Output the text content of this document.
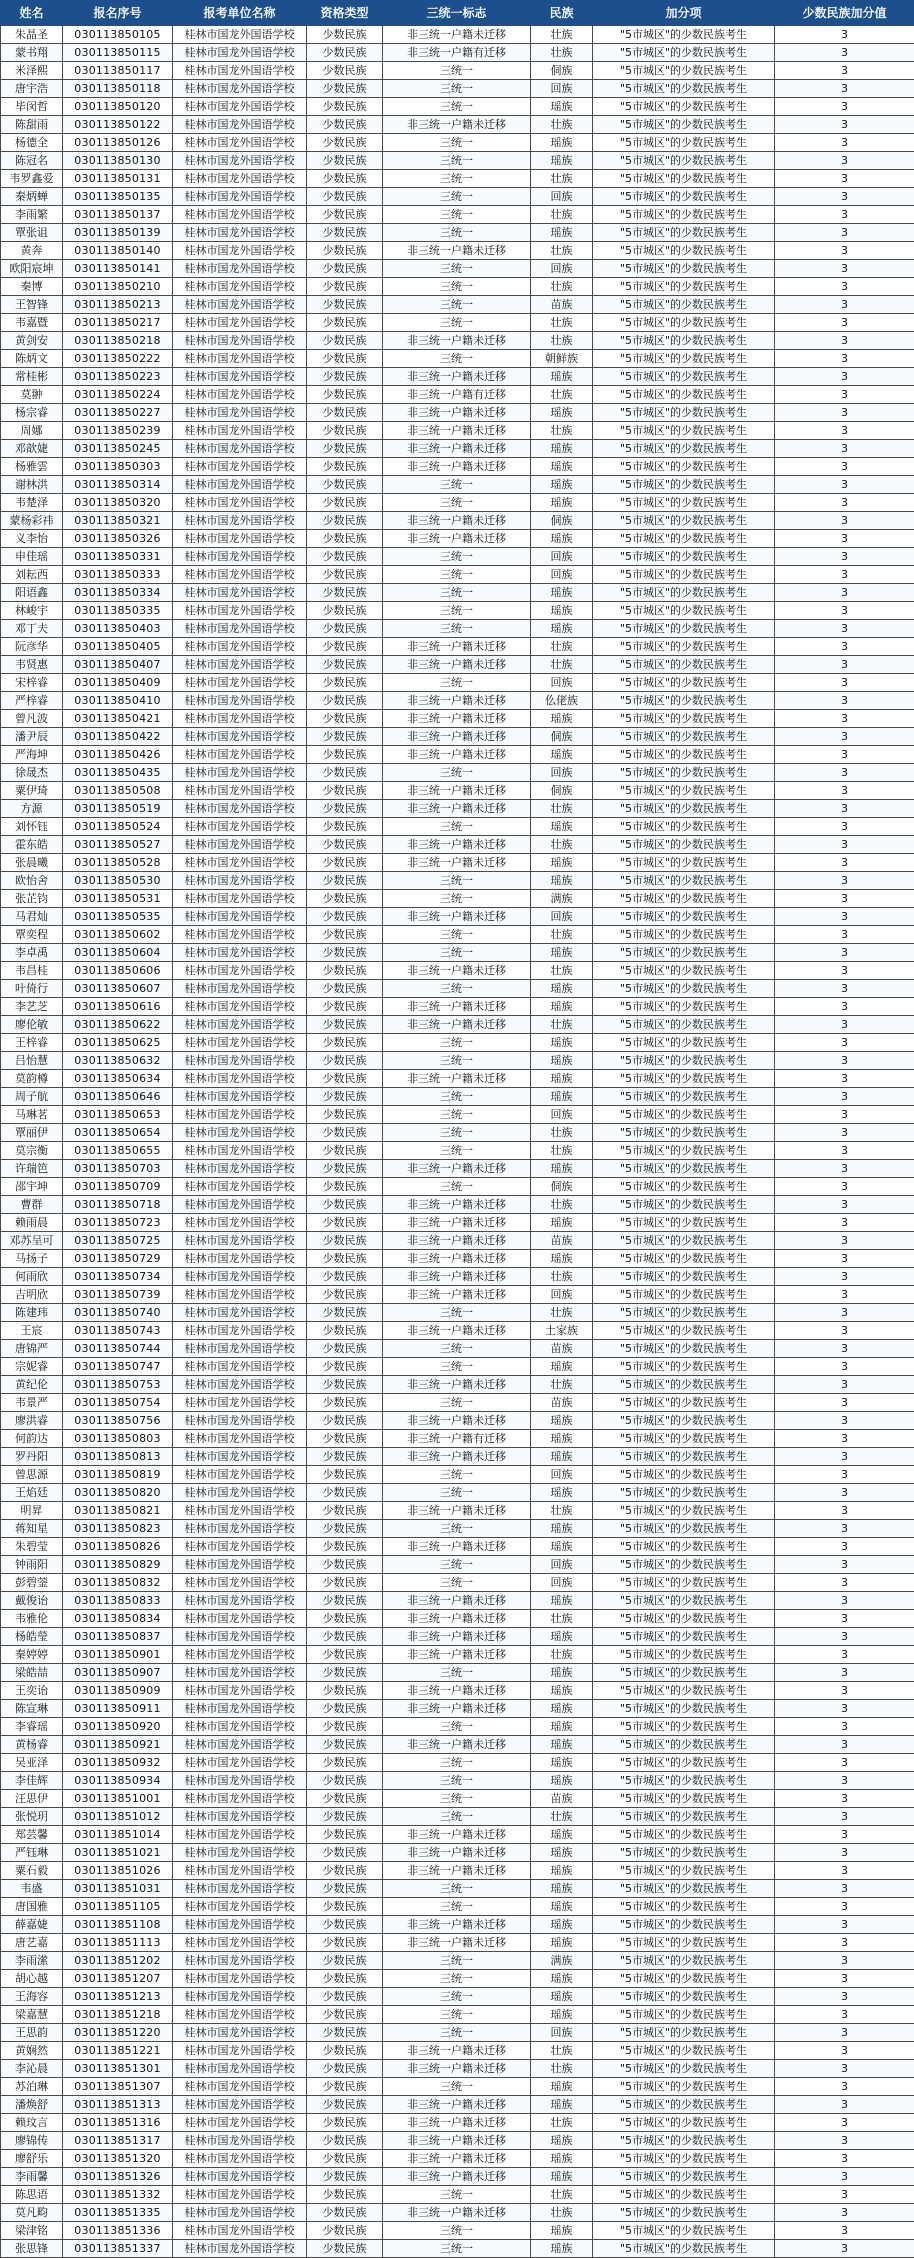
姓名	报名序号	报考单位名称	资格类型	三统一标志	民族	加分项	少数民族加分值
朱晶圣	030113850105	桂林市国龙外国语学校	少数民族	非三统一户籍未迁移	壮族	"5市城区"的少数民族考生	3
蒙书翔	030113850115	桂林市国龙外国语学校	少数民族	非三统一户籍有迁移	壮族	"5市城区"的少数民族考生	3
米泽熙	030113850117	桂林市国龙外国语学校	少数民族	三统一	侗族	"5市城区"的少数民族考生	3
唐宇浩	030113850118	桂林市国龙外国语学校	少数民族	三统一	回族	"5市城区"的少数民族考生	3
毕闵哲	030113850120	桂林市国龙外国语学校	少数民族	三统一	瑶族	"5市城区"的少数民族考生	3
陈甜雨	030113850122	桂林市国龙外国语学校	少数民族	非三统一户籍未迁移	壮族	"5市城区"的少数民族考生	3
杨德全	030113850126	桂林市国龙外国语学校	少数民族	三统一	瑶族	"5市城区"的少数民族考生	3
陈冠名	030113850130	桂林市国龙外国语学校	少数民族	三统一	瑶族	"5市城区"的少数民族考生	3
韦罗鑫爱	030113850131	桂林市国龙外国语学校	少数民族	三统一	壮族	"5市城区"的少数民族考生	3
秦炳蝉	030113850135	桂林市国龙外国语学校	少数民族	三统一	回族	"5市城区"的少数民族考生	3
李雨繁	030113850137	桂林市国龙外国语学校	少数民族	三统一	壮族	"5市城区"的少数民族考生	3
覃张诅	030113850139	桂林市国龙外国语学校	少数民族	三统一	瑶族	"5市城区"的少数民族考生	3
黄奔	030113850140	桂林市国龙外国语学校	少数民族	非三统一户籍未迁移	壮族	"5市城区"的少数民族考生	3
欧阳宸坤	030113850141	桂林市国龙外国语学校	少数民族	三统一	回族	"5市城区"的少数民族考生	3
秦博	030113850210	桂林市国龙外国语学校	少数民族	三统一	壮族	"5市城区"的少数民族考生	3
王智锋	030113850213	桂林市国龙外国语学校	少数民族	三统一	苗族	"5市城区"的少数民族考生	3
韦嘉暨	030113850217	桂林市国龙外国语学校	少数民族	三统一	壮族	"5市城区"的少数民族考生	3
黄剑安	030113850218	桂林市国龙外国语学校	少数民族	非三统一户籍未迁移	壮族	"5市城区"的少数民族考生	3
陈炳文	030113850222	桂林市国龙外国语学校	少数民族	三统一	朝鲜族	"5市城区"的少数民族考生	3
常桂彬	030113850223	桂林市国龙外国语学校	少数民族	非三统一户籍未迁移	瑶族	"5市城区"的少数民族考生	3
莫翀	030113850224	桂林市国龙外国语学校	少数民族	非三统一户籍有迁移	壮族	"5市城区"的少数民族考生	3
杨宗睿	030113850227	桂林市国龙外国语学校	少数民族	非三统一户籍未迁移	瑶族	"5市城区"的少数民族考生	3
周娜	030113850239	桂林市国龙外国语学校	少数民族	非三统一户籍未迁移	壮族	"5市城区"的少数民族考生	3
邓歆婕	030113850245	桂林市国龙外国语学校	少数民族	非三统一户籍未迁移	瑶族	"5市城区"的少数民族考生	3
杨雅雲	030113850303	桂林市国龙外国语学校	少数民族	非三统一户籍未迁移	瑶族	"5市城区"的少数民族考生	3
谢林洪	030113850314	桂林市国龙外国语学校	少数民族	三统一	瑶族	"5市城区"的少数民族考生	3
韦楚泽	030113850320	桂林市国龙外国语学校	少数民族	三统一	瑶族	"5市城区"的少数民族考生	3
蒙杨彩祎	030113850321	桂林市国龙外国语学校	少数民族	非三统一户籍未迁移	侗族	"5市城区"的少数民族考生	3
义李怡	030113850326	桂林市国龙外国语学校	少数民族	非三统一户籍未迁移	瑶族	"5市城区"的少数民族考生	3
申佳瑶	030113850331	桂林市国龙外国语学校	少数民族	三统一	回族	"5市城区"的少数民族考生	3
刘耘西	030113850333	桂林市国龙外国语学校	少数民族	三统一	回族	"5市城区"的少数民族考生	3
阳语鑫	030113850334	桂林市国龙外国语学校	少数民族	三统一	瑶族	"5市城区"的少数民族考生	3
林峻宇	030113850335	桂林市国龙外国语学校	少数民族	三统一	瑶族	"5市城区"的少数民族考生	3
邓丁夫	030113850403	桂林市国龙外国语学校	少数民族	三统一	瑶族	"5市城区"的少数民族考生	3
阮彦华	030113850405	桂林市国龙外国语学校	少数民族	非三统一户籍未迁移	壮族	"5市城区"的少数民族考生	3
韦贤惠	030113850407	桂林市国龙外国语学校	少数民族	非三统一户籍未迁移	壮族	"5市城区"的少数民族考生	3
宋梓睿	030113850409	桂林市国龙外国语学校	少数民族	三统一	回族	"5市城区"的少数民族考生	3
严梓睿	030113850410	桂林市国龙外国语学校	少数民族	非三统一户籍未迁移	仫佬族	"5市城区"的少数民族考生	3
曾凡波	030113850421	桂林市国龙外国语学校	少数民族	非三统一户籍未迁移	瑶族	"5市城区"的少数民族考生	3
潘尹辰	030113850422	桂林市国龙外国语学校	少数民族	非三统一户籍未迁移	侗族	"5市城区"的少数民族考生	3
严海坤	030113850426	桂林市国龙外国语学校	少数民族	非三统一户籍未迁移	瑶族	"5市城区"的少数民族考生	3
徐晟杰	030113850435	桂林市国龙外国语学校	少数民族	三统一	回族	"5市城区"的少数民族考生	3
粟伊琦	030113850508	桂林市国龙外国语学校	少数民族	非三统一户籍未迁移	侗族	"5市城区"的少数民族考生	3
方源	030113850519	桂林市国龙外国语学校	少数民族	非三统一户籍未迁移	壮族	"5市城区"的少数民族考生	3
刘怀钰	030113850524	桂林市国龙外国语学校	少数民族	三统一	瑶族	"5市城区"的少数民族考生	3
霍东皓	030113850527	桂林市国龙外国语学校	少数民族	非三统一户籍未迁移	壮族	"5市城区"的少数民族考生	3
张晨曦	030113850528	桂林市国龙外国语学校	少数民族	非三统一户籍未迁移	瑶族	"5市城区"的少数民族考生	3
欧怡舍	030113850530	桂林市国龙外国语学校	少数民族	三统一	瑶族	"5市城区"的少数民族考生	3
张芷钧	030113850531	桂林市国龙外国语学校	少数民族	三统一	满族	"5市城区"的少数民族考生	3
马君灿	030113850535	桂林市国龙外国语学校	少数民族	非三统一户籍未迁移	回族	"5市城区"的少数民族考生	3
覃奕程	030113850602	桂林市国龙外国语学校	少数民族	三统一	壮族	"5市城区"的少数民族考生	3
李卓禹	030113850604	桂林市国龙外国语学校	少数民族	三统一	瑶族	"5市城区"的少数民族考生	3
韦昌桂	030113850606	桂林市国龙外国语学校	少数民族	非三统一户籍未迁移	壮族	"5市城区"的少数民族考生	3
叶倚行	030113850607	桂林市国龙外国语学校	少数民族	三统一	瑶族	"5市城区"的少数民族考生	3
李艺芝	030113850616	桂林市国龙外国语学校	少数民族	非三统一户籍未迁移	瑶族	"5市城区"的少数民族考生	3
廖伦敏	030113850622	桂林市国龙外国语学校	少数民族	非三统一户籍未迁移	壮族	"5市城区"的少数民族考生	3
王梓睿	030113850625	桂林市国龙外国语学校	少数民族	三统一	瑶族	"5市城区"的少数民族考生	3
吕怡慧	030113850632	桂林市国龙外国语学校	少数民族	三统一	瑶族	"5市城区"的少数民族考生	3
莫韵樽	030113850634	桂林市国龙外国语学校	少数民族	非三统一户籍未迁移	瑶族	"5市城区"的少数民族考生	3
周子航	030113850646	桂林市国龙外国语学校	少数民族	三统一	瑶族	"5市城区"的少数民族考生	3
马琳茗	030113850653	桂林市国龙外国语学校	少数民族	三统一	回族	"5市城区"的少数民族考生	3
覃丽伊	030113850654	桂林市国龙外国语学校	少数民族	三统一	壮族	"5市城区"的少数民族考生	3
莫宗衡	030113850655	桂林市国龙外国语学校	少数民族	三统一	壮族	"5市城区"的少数民族考生	3
许瑞笆	030113850703	桂林市国龙外国语学校	少数民族	非三统一户籍未迁移	瑶族	"5市城区"的少数民族考生	3
邵宇坤	030113850709	桂林市国龙外国语学校	少数民族	三统一	侗族	"5市城区"的少数民族考生	3
曹群	030113850718	桂林市国龙外国语学校	少数民族	非三统一户籍未迁移	壮族	"5市城区"的少数民族考生	3
赖雨晨	030113850723	桂林市国龙外国语学校	少数民族	非三统一户籍未迁移	瑶族	"5市城区"的少数民族考生	3
邓苏呈可	030113850725	桂林市国龙外国语学校	少数民族	非三统一户籍未迁移	苗族	"5市城区"的少数民族考生	3
马扬子	030113850729	桂林市国龙外国语学校	少数民族	非三统一户籍未迁移	瑶族	"5市城区"的少数民族考生	3
何雨欣	030113850734	桂林市国龙外国语学校	少数民族	非三统一户籍未迁移	壮族	"5市城区"的少数民族考生	3
吉明欣	030113850739	桂林市国龙外国语学校	少数民族	非三统一户籍未迁移	回族	"5市城区"的少数民族考生	3
陈建玮	030113850740	桂林市国龙外国语学校	少数民族	三统一	壮族	"5市城区"的少数民族考生	3
王宸	030113850743	桂林市国龙外国语学校	少数民族	非三统一户籍未迁移	土家族	"5市城区"的少数民族考生	3
唐锦严	030113850744	桂林市国龙外国语学校	少数民族	三统一	苗族	"5市城区"的少数民族考生	3
宗妮睿	030113850747	桂林市国龙外国语学校	少数民族	三统一	瑶族	"5市城区"的少数民族考生	3
黄纪伦	030113850753	桂林市国龙外国语学校	少数民族	非三统一户籍未迁移	壮族	"5市城区"的少数民族考生	3
韦景严	030113850754	桂林市国龙外国语学校	少数民族	三统一	苗族	"5市城区"的少数民族考生	3
廖洪睿	030113850756	桂林市国龙外国语学校	少数民族	非三统一户籍未迁移	瑶族	"5市城区"的少数民族考生	3
何韵达	030113850803	桂林市国龙外国语学校	少数民族	非三统一户籍有迁移	瑶族	"5市城区"的少数民族考生	3
罗丹阳	030113850813	桂林市国龙外国语学校	少数民族	非三统一户籍未迁移	瑶族	"5市城区"的少数民族考生	3
曾思源	030113850819	桂林市国龙外国语学校	少数民族	三统一	回族	"5市城区"的少数民族考生	3
王焰廷	030113850820	桂林市国龙外国语学校	少数民族	三统一	瑶族	"5市城区"的少数民族考生	3
明昇	030113850821	桂林市国龙外国语学校	少数民族	非三统一户籍未迁移	壮族	"5市城区"的少数民族考生	3
蒋知星	030113850823	桂林市国龙外国语学校	少数民族	三统一	瑶族	"5市城区"的少数民族考生	3
朱碧莹	030113850826	桂林市国龙外国语学校	少数民族	非三统一户籍未迁移	瑶族	"5市城区"的少数民族考生	3
钟雨阳	030113850829	桂林市国龙外国语学校	少数民族	三统一	回族	"5市城区"的少数民族考生	3
彭碧蓥	030113850832	桂林市国龙外国语学校	少数民族	三统一	回族	"5市城区"的少数民族考生	3
戴俊诒	030113850833	桂林市国龙外国语学校	少数民族	非三统一户籍未迁移	瑶族	"5市城区"的少数民族考生	3
韦雅伦	030113850834	桂林市国龙外国语学校	少数民族	非三统一户籍未迁移	壮族	"5市城区"的少数民族考生	3
杨皓瑩	030113850837	桂林市国龙外国语学校	少数民族	非三统一户籍未迁移	瑶族	"5市城区"的少数民族考生	3
秦婷婷	030113850901	桂林市国龙外国语学校	少数民族	非三统一户籍未迁移	壮族	"5市城区"的少数民族考生	3
梁皓喆	030113850907	桂林市国龙外国语学校	少数民族	三统一	瑶族	"5市城区"的少数民族考生	3
王奕诒	030113850909	桂林市国龙外国语学校	少数民族	非三统一户籍未迁移	瑶族	"5市城区"的少数民族考生	3
陈宣琳	030113850911	桂林市国龙外国语学校	少数民族	非三统一户籍未迁移	瑶族	"5市城区"的少数民族考生	3
李睿瑶	030113850920	桂林市国龙外国语学校	少数民族	三统一	瑶族	"5市城区"的少数民族考生	3
黄杨睿	030113850921	桂林市国龙外国语学校	少数民族	非三统一户籍未迁移	瑶族	"5市城区"的少数民族考生	3
吴亚泽	030113850932	桂林市国龙外国语学校	少数民族	三统一	瑶族	"5市城区"的少数民族考生	3
李佳辉	030113850934	桂林市国龙外国语学校	少数民族	三统一	瑶族	"5市城区"的少数民族考生	3
汪思伊	030113851001	桂林市国龙外国语学校	少数民族	三统一	苗族	"5市城区"的少数民族考生	3
张悦玥	030113851012	桂林市国龙外国语学校	少数民族	三统一	壮族	"5市城区"的少数民族考生	3
郑芸馨	030113851014	桂林市国龙外国语学校	少数民族	非三统一户籍未迁移	瑶族	"5市城区"的少数民族考生	3
严钰琳	030113851021	桂林市国龙外国语学校	少数民族	非三统一户籍未迁移	瑶族	"5市城区"的少数民族考生	3
粟石毅	030113851026	桂林市国龙外国语学校	少数民族	非三统一户籍未迁移	瑶族	"5市城区"的少数民族考生	3
韦盛	030113851031	桂林市国龙外国语学校	少数民族	三统一	瑶族	"5市城区"的少数民族考生	3
唐国雅	030113851105	桂林市国龙外国语学校	少数民族	三统一	瑶族	"5市城区"的少数民族考生	3
薛嘉婕	030113851108	桂林市国龙外国语学校	少数民族	非三统一户籍未迁移	瑶族	"5市城区"的少数民族考生	3
唐艺嘉	030113851113	桂林市国龙外国语学校	少数民族	非三统一户籍未迁移	瑶族	"5市城区"的少数民族考生	3
李雨潆	030113851202	桂林市国龙外国语学校	少数民族	三统一	满族	"5市城区"的少数民族考生	3
胡心越	030113851207	桂林市国龙外国语学校	少数民族	三统一	瑶族	"5市城区"的少数民族考生	3
王海容	030113851213	桂林市国龙外国语学校	少数民族	三统一	瑶族	"5市城区"的少数民族考生	3
梁嘉慧	030113851218	桂林市国龙外国语学校	少数民族	三统一	瑶族	"5市城区"的少数民族考生	3
王思韵	030113851220	桂林市国龙外国语学校	少数民族	三统一	回族	"5市城区"的少数民族考生	3
黄娴然	030113851221	桂林市国龙外国语学校	少数民族	非三统一户籍未迁移	壮族	"5市城区"的少数民族考生	3
李沁晨	030113851301	桂林市国龙外国语学校	少数民族	非三统一户籍未迁移	壮族	"5市城区"的少数民族考生	3
苏泊琳	030113851307	桂林市国龙外国语学校	少数民族	三统一	瑶族	"5市城区"的少数民族考生	3
潘焕舒	030113851313	桂林市国龙外国语学校	少数民族	非三统一户籍未迁移	瑶族	"5市城区"的少数民族考生	3
赖玟言	030113851316	桂林市国龙外国语学校	少数民族	非三统一户籍未迁移	壮族	"5市城区"的少数民族考生	3
廖锦传	030113851317	桂林市国龙外国语学校	少数民族	非三统一户籍未迁移	瑶族	"5市城区"的少数民族考生	3
廖舒乐	030113851320	桂林市国龙外国语学校	少数民族	非三统一户籍未迁移	瑶族	"5市城区"的少数民族考生	3
李雨馨	030113851326	桂林市国龙外国语学校	少数民族	非三统一户籍未迁移	瑶族	"5市城区"的少数民族考生	3
陈思语	030113851332	桂林市国龙外国语学校	少数民族	三统一	壮族	"5市城区"的少数民族考生	3
莫凡畇	030113851335	桂林市国龙外国语学校	少数民族	非三统一户籍未迁移	壮族	"5市城区"的少数民族考生	3
梁津铭	030113851336	桂林市国龙外国语学校	少数民族	三统一	瑶族	"5市城区"的少数民族考生	3
张思锋	030113851337	桂林市国龙外国语学校	少数民族	三统一	瑶族	"5市城区"的少数民族考生	3
